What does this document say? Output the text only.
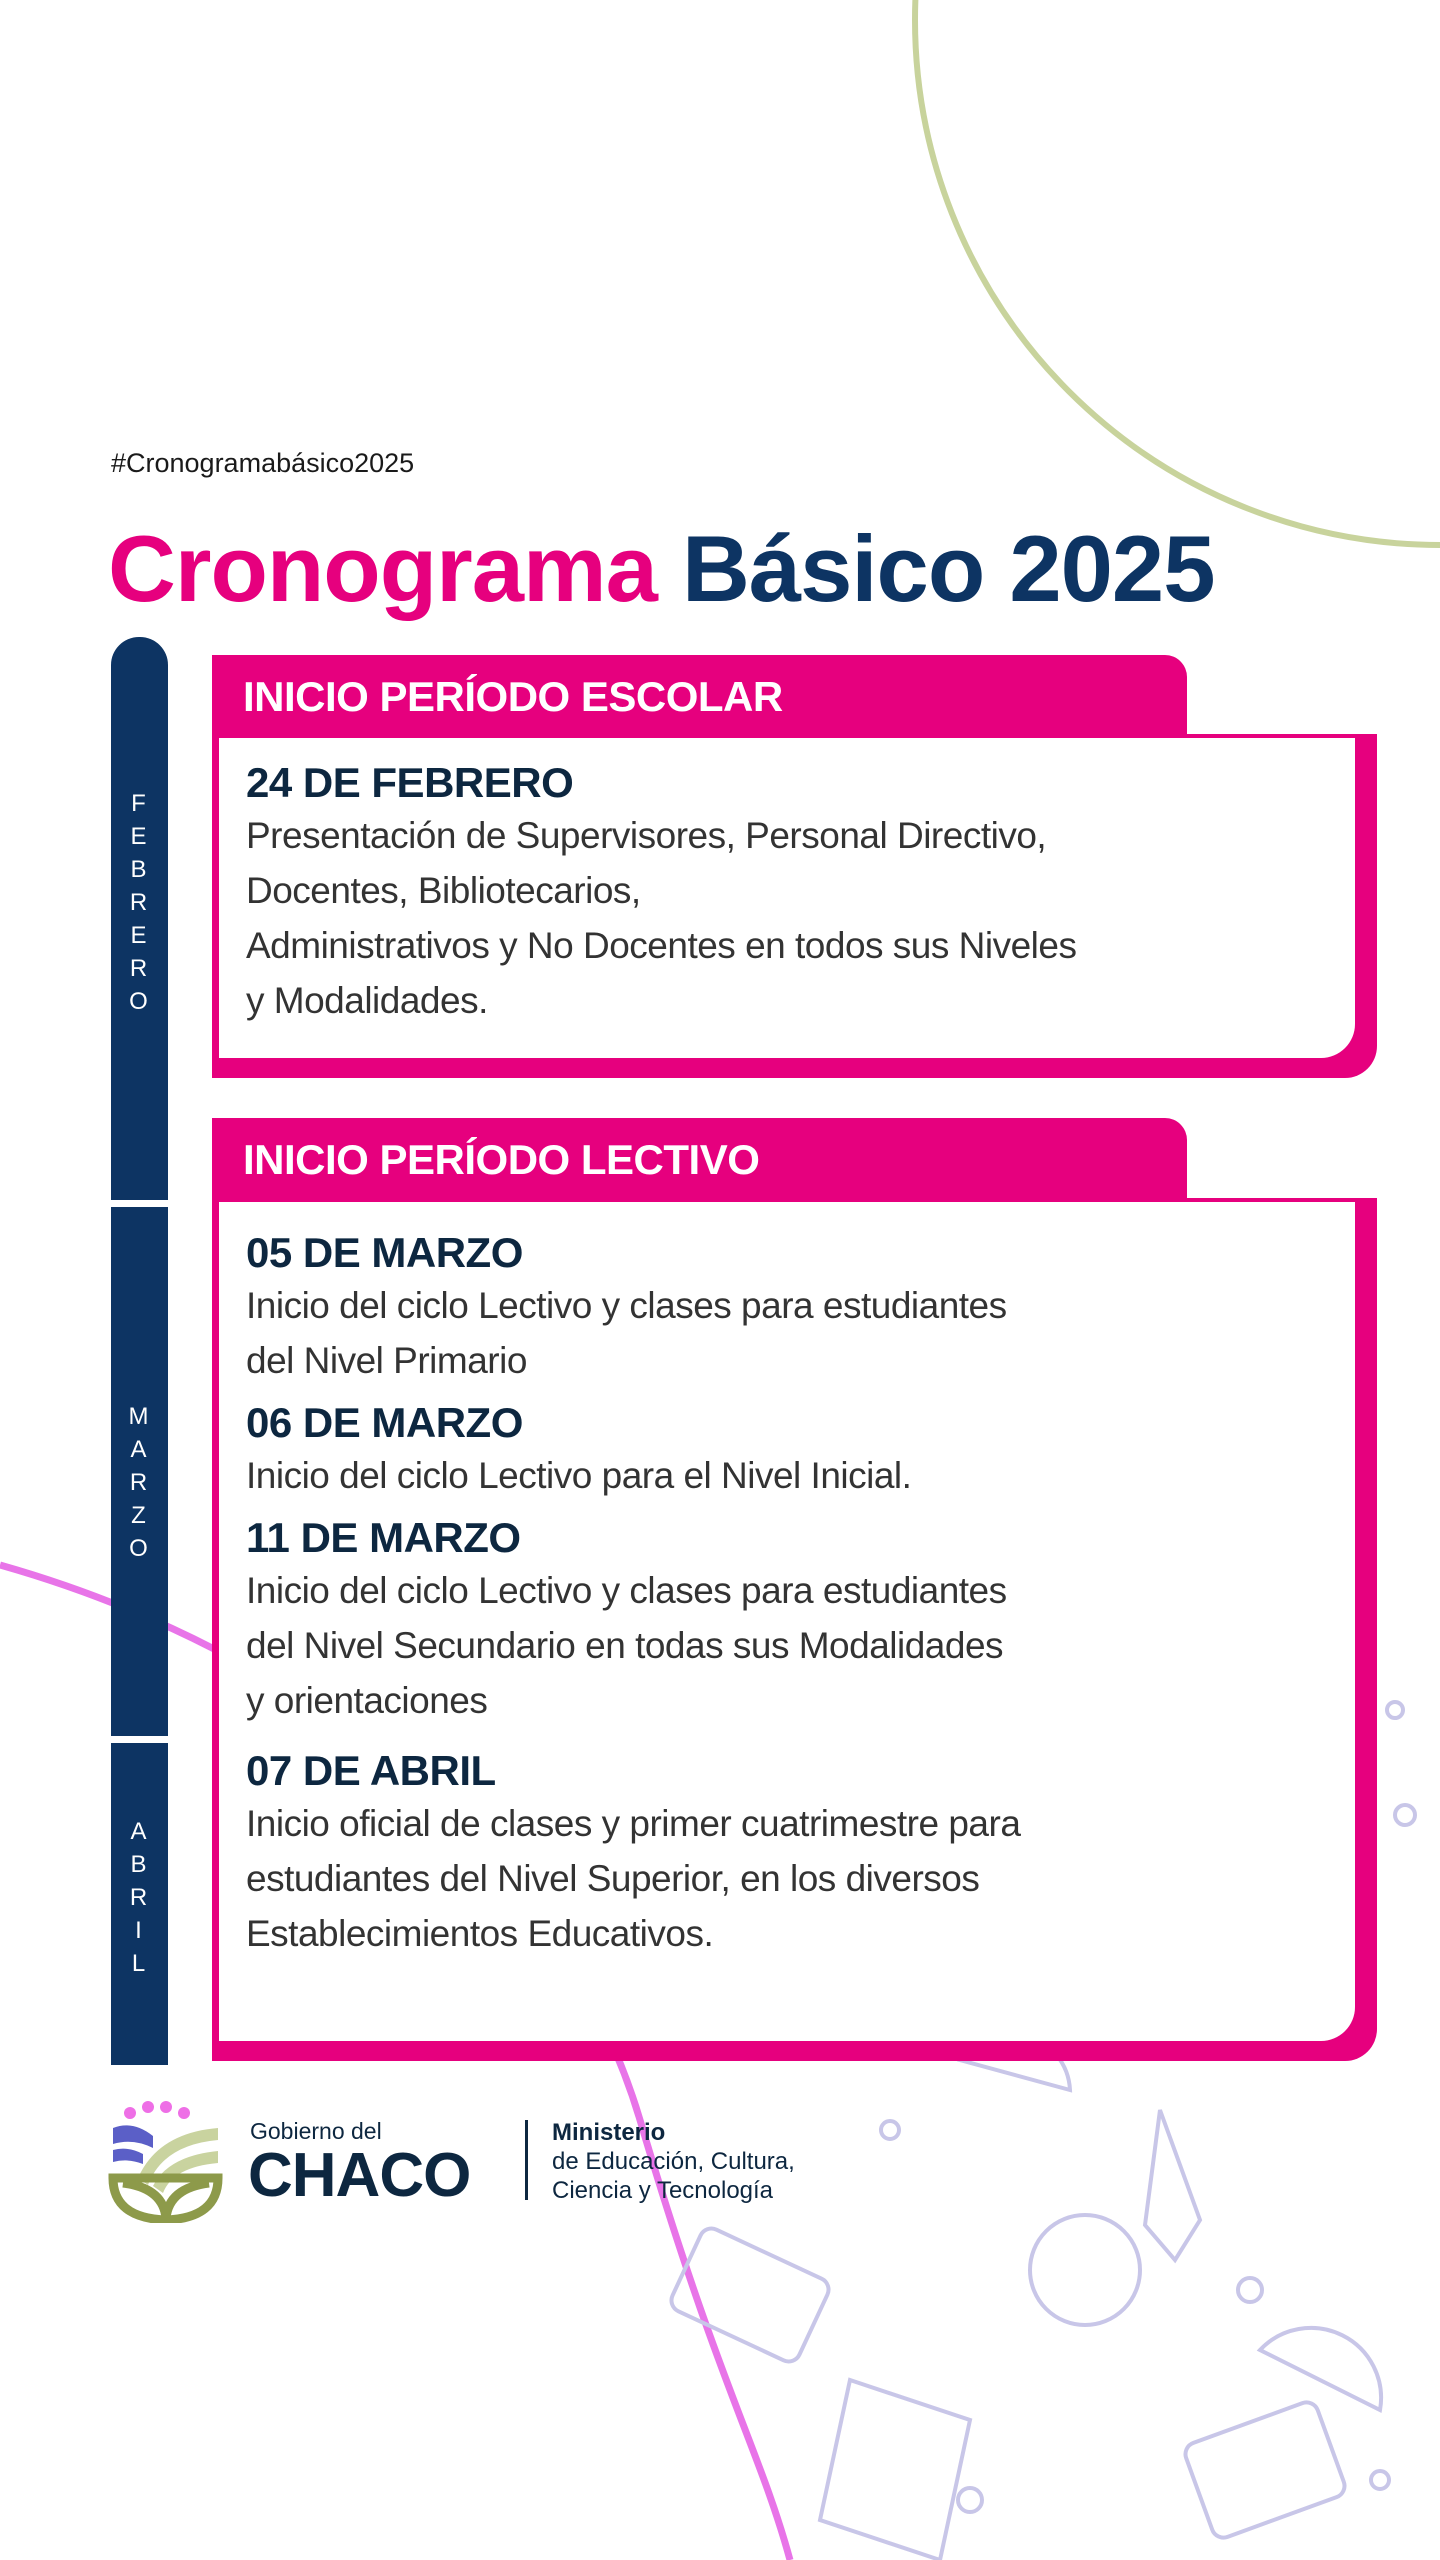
#Cronogramabásico2025
Cronograma Básico 2025
F
E
B
R
E
R
O
M
A
R
Z
O
A
B
R
I
L
INICIO PERÍODO ESCOLAR
24 DE FEBRERO
Presentación de Supervisores, Personal Directivo,
Docentes, Bibliotecarios,
Administrativos y No Docentes en todos sus Niveles
y Modalidades.
INICIO PERÍODO LECTIVO
05 DE MARZO
Inicio del ciclo Lectivo y clases para estudiantes
del Nivel Primario
06 DE MARZO
Inicio del ciclo Lectivo para el Nivel Inicial.
11 DE MARZO
Inicio del ciclo Lectivo y clases para estudiantes
del Nivel Secundario en todas sus Modalidades
y orientaciones
07 DE ABRIL
Inicio oficial de clases y primer cuatrimestre para
estudiantes del Nivel Superior, en los diversos
Establecimientos Educativos.
Gobierno del
CHACO
Ministerio
de Educación, Cultura,
Ciencia y Tecnología
